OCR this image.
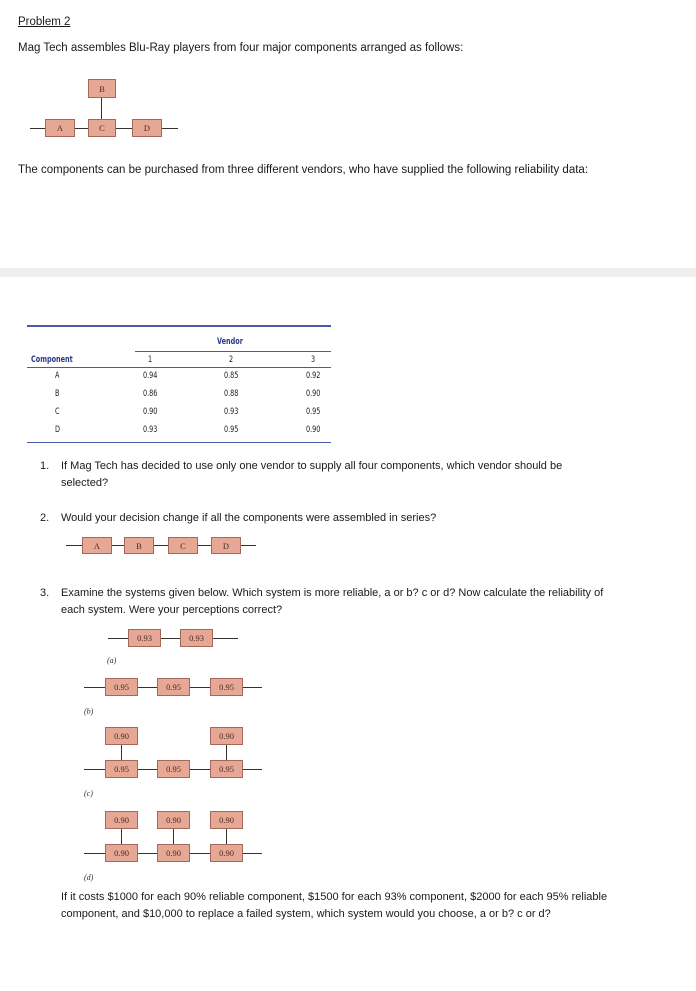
Problem 2
Mag Tech assembles Blu-Ray players from four major components arranged as follows:
A
B
C	D
The components can be purchased from three different vendors, who have supplied the following reliability data:
Vendor
Component	1	2	3
A	0.94	0.85	0.92
B	0.86	0.88	0.90
C	0.90	0.93	0.95
D	0.93	0.95	0.90
1. If Mag Tech has decided to use only one vendor to supply all four components, which vendor should be
selected?
2. Would your decision change if all the components were assembled in series?
A	B	C	D
3. Examine the systems given below. Which system is more reliable, a or b? c or d? Now calculate the reliability of
each system. Were your perceptions correct?
0.93	0.93
(a)
0.95	0.95	0.95
(b)
0.90	0.90
0.95	0.95	0.95
(c)
0.90	0.90	0.90
0.90	0.90	0.90
(d)
If it costs $1000 for each 90% reliable component, $1500 for each 93% component, $2000 for each 95% reliable
component, and $10,000 to replace a failed system, which system would you choose, a or b? c or d?
